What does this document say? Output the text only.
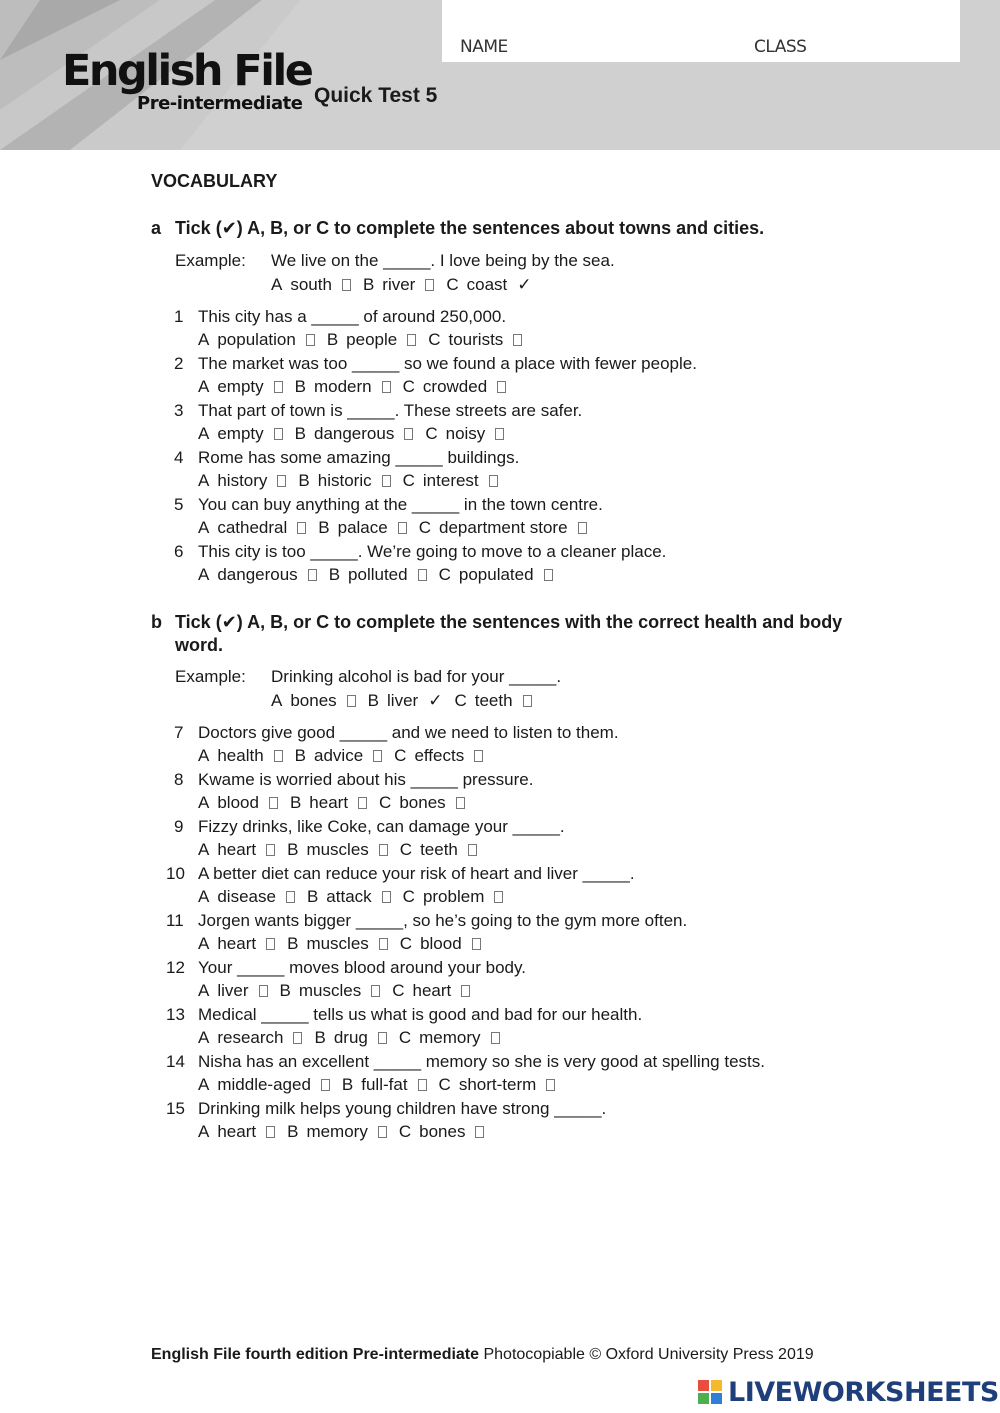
NAME	CLASS
English File
Pre-intermediate Quick Test 5
VOCABULARY
a Tick (✔) A, B, or C to complete the sentences about towns and cities.
Example: We live on the _____. I love being by the sea.
A south B river C coast ✓
1 This city has a _____ of around 250,000.
A population B people C tourists
2 The market was too _____ so we found a place with fewer people.
A empty B modern C crowded
3 That part of town is _____. These streets are safer.
A empty B dangerous C noisy
4 Rome has some amazing _____ buildings.
A history B historic C interest
5 You can buy anything at the _____ in the town centre.
A cathedral B palace C department store
6 This city is too _____. We’re going to move to a cleaner place.
A dangerous B polluted C populated
b Tick (✔) A, B, or C to complete the sentences with the correct health and body word.
Example: Drinking alcohol is bad for your _____.
A bones B liver ✓ C teeth
7 Doctors give good _____ and we need to listen to them.
A health B advice C effects
8 Kwame is worried about his _____ pressure.
A blood B heart C bones
9 Fizzy drinks, like Coke, can damage your _____.
A heart B muscles C teeth
10 A better diet can reduce your risk of heart and liver _____.
A disease B attack C problem
11 Jorgen wants bigger _____, so he’s going to the gym more often.
A heart B muscles C blood
12 Your _____ moves blood around your body.
A liver B muscles C heart
13 Medical _____ tells us what is good and bad for our health.
A research B drug C memory
14 Nisha has an excellent _____ memory so she is very good at spelling tests.
A middle-aged B full-fat C short-term
15 Drinking milk helps young children have strong _____.
A heart B memory C bones
English File fourth edition Pre-intermediate Photocopiable © Oxford University Press 2019
LIVEWORKSHEETS
